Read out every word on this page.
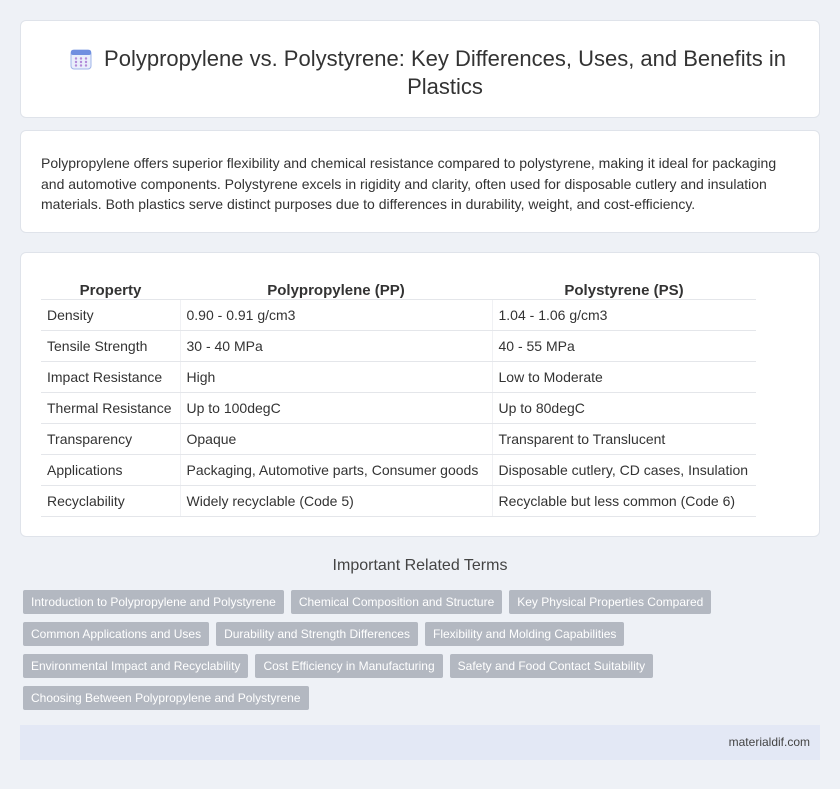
Polypropylene vs. Polystyrene: Key Differences, Uses, and Benefits in Plastics

Polypropylene offers superior flexibility and chemical resistance compared to polystyrene, making it ideal for packaging and automotive components. Polystyrene excels in rigidity and clarity, often used for disposable cutlery and insulation materials. Both plastics serve distinct purposes due to differences in durability, weight, and cost-efficiency.

Property	Polypropylene (PP)	Polystyrene (PS)
Density	0.90 - 0.91 g/cm3	1.04 - 1.06 g/cm3
Tensile Strength	30 - 40 MPa	40 - 55 MPa
Impact Resistance	High	Low to Moderate
Thermal Resistance	Up to 100degC	Up to 80degC
Transparency	Opaque	Transparent to Translucent
Applications	Packaging, Automotive parts, Consumer goods	Disposable cutlery, CD cases, Insulation
Recyclability	Widely recyclable (Code 5)	Recyclable but less common (Code 6)
Important Related Terms
Introduction to Polypropylene and Polystyrene	Chemical Composition and Structure	Key Physical Properties Compared
Common Applications and Uses	Durability and Strength Differences	Flexibility and Molding Capabilities
Environmental Impact and Recyclability	Cost Efficiency in Manufacturing	Safety and Food Contact Suitability
Choosing Between Polypropylene and Polystyrene
materialdif.com
